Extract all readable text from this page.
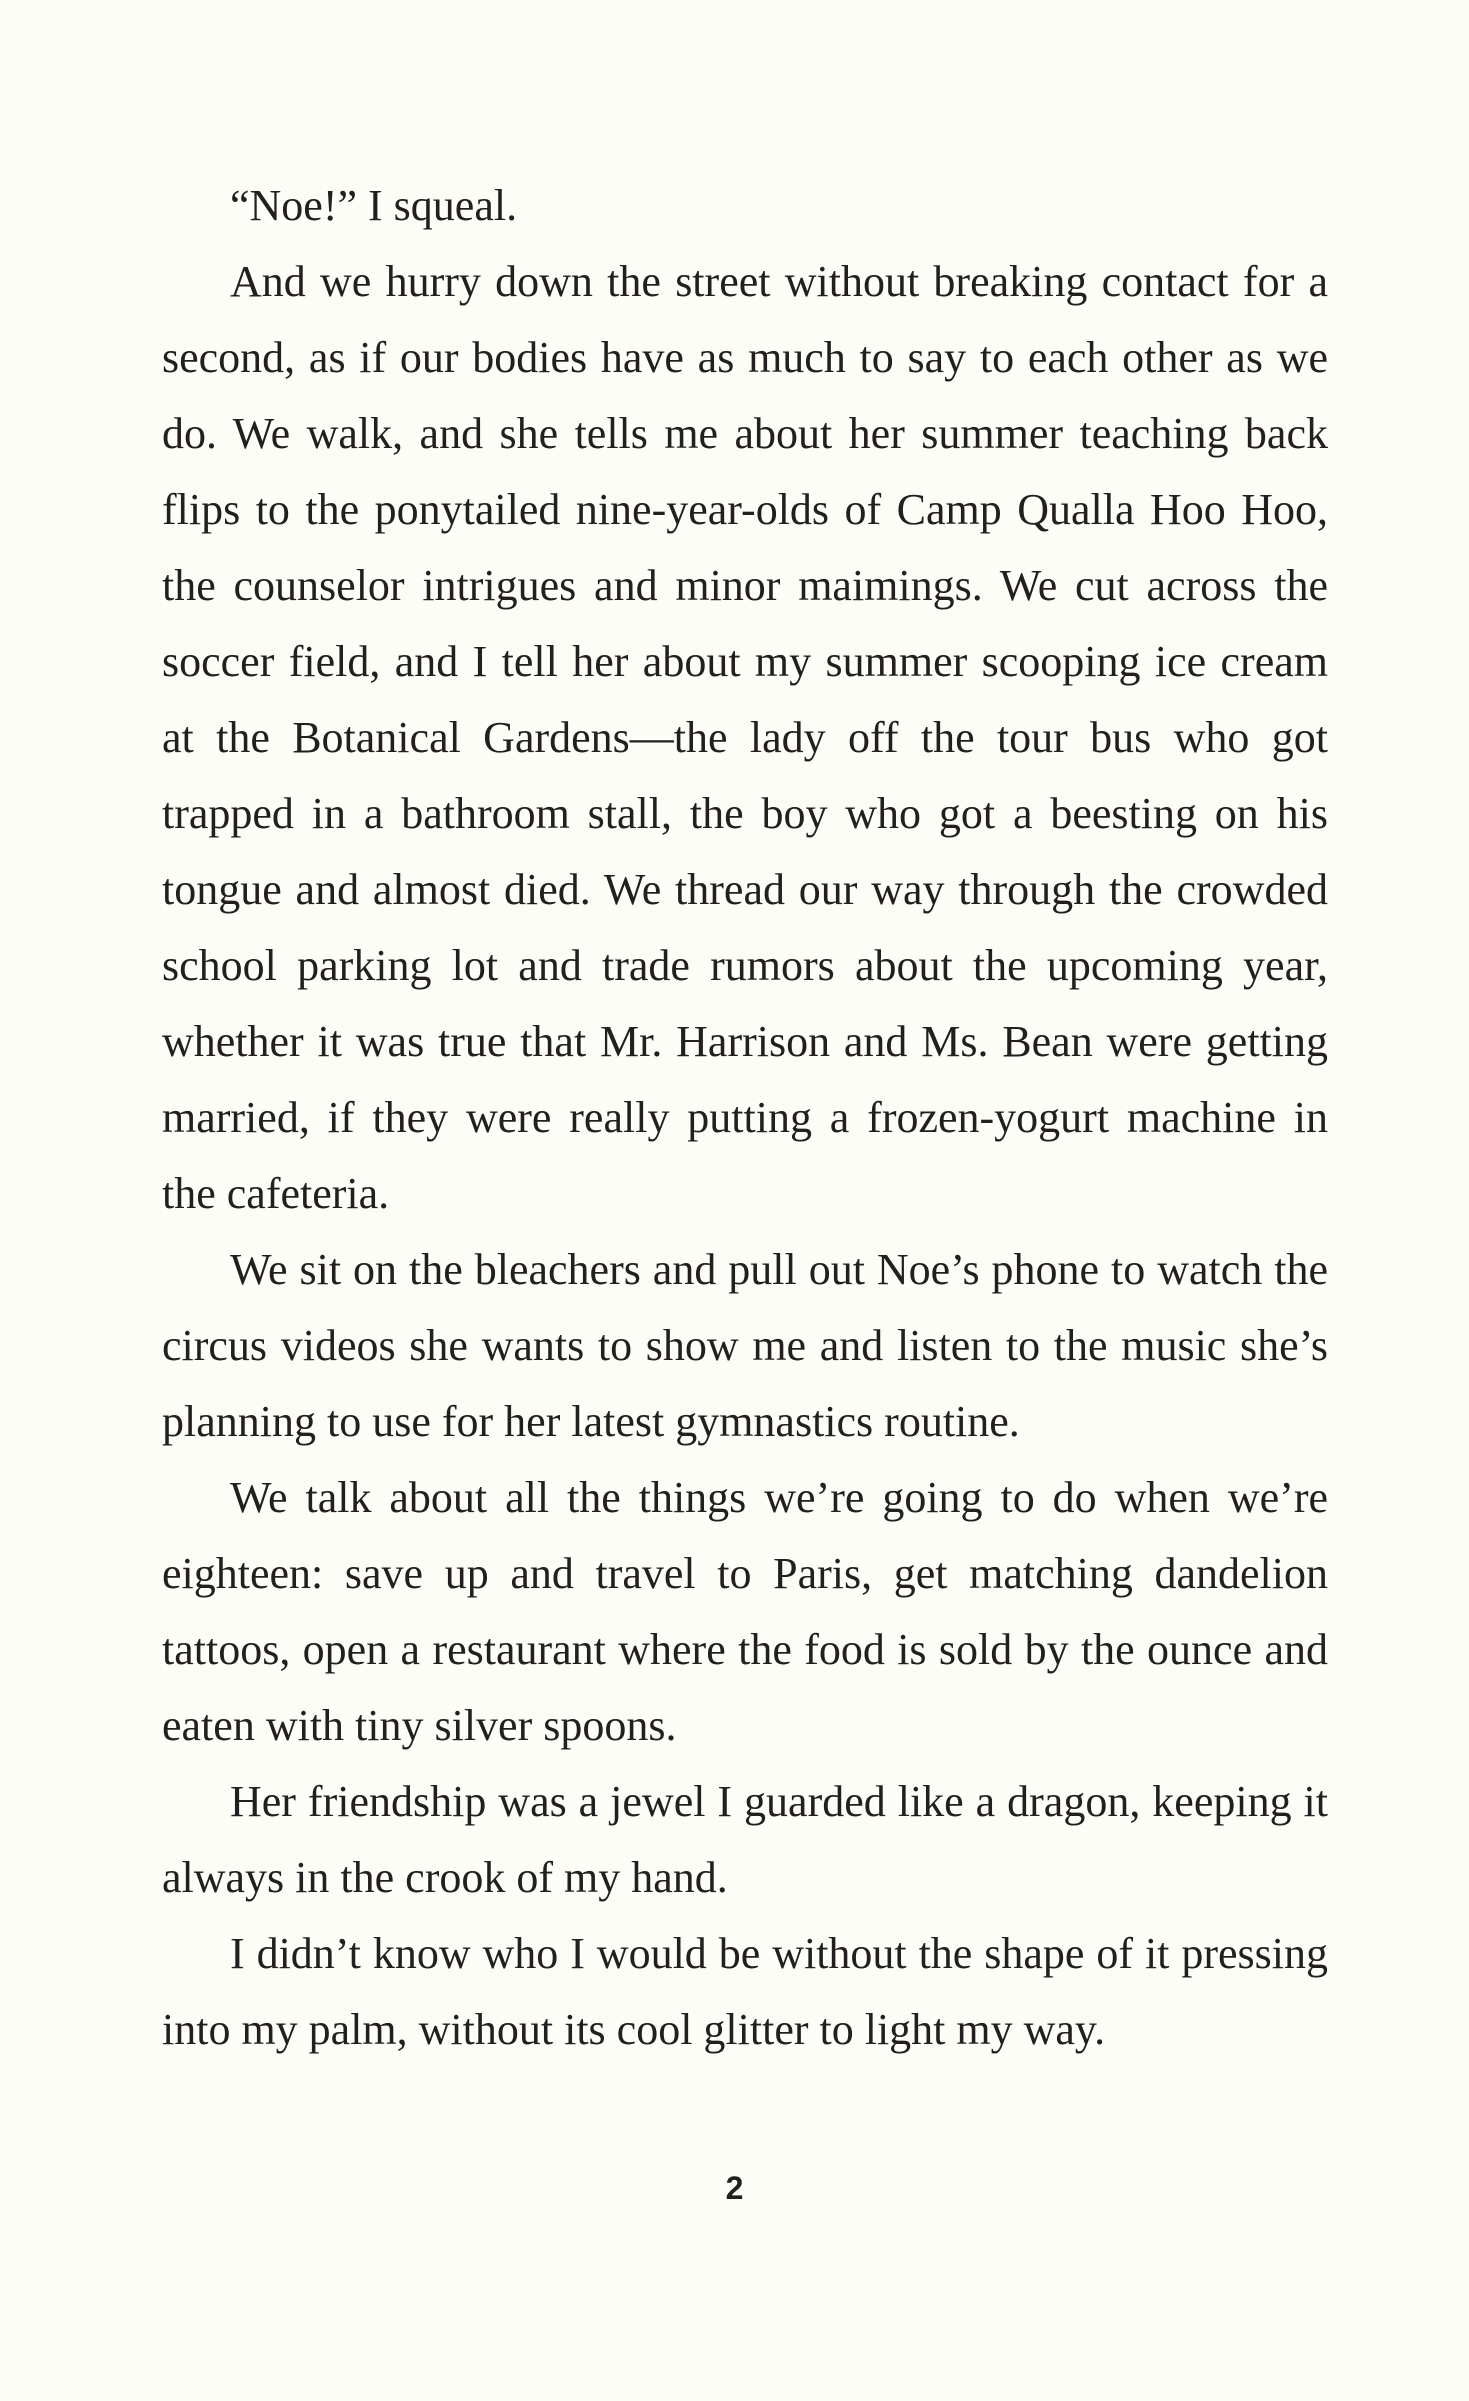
“Noe!” I squeal.

And we hurry down the street without breaking contact for a second, as if our bodies have as much to say to each other as we do. We walk, and she tells me about her summer teaching back flips to the ponytailed nine-year-olds of Camp Qualla Hoo Hoo, the counselor intrigues and minor maimings. We cut across the soccer field, and I tell her about my summer scooping ice cream at the Botanical Gardens—the lady off the tour bus who got trapped in a bathroom stall, the boy who got a beesting on his tongue and almost died. We thread our way through the crowded school parking lot and trade rumors about the upcoming year, whether it was true that Mr. Harrison and Ms. Bean were getting married, if they were really putting a frozen-yogurt machine in the cafeteria.

We sit on the bleachers and pull out Noe’s phone to watch the circus videos she wants to show me and listen to the music she’s planning to use for her latest gymnastics routine.

We talk about all the things we’re going to do when we’re eighteen: save up and travel to Paris, get matching dandelion tattoos, open a restaurant where the food is sold by the ounce and eaten with tiny silver spoons.

Her friendship was a jewel I guarded like a dragon, keeping it always in the crook of my hand.

I didn’t know who I would be without the shape of it pressing into my palm, without its cool glitter to light my way.

2
